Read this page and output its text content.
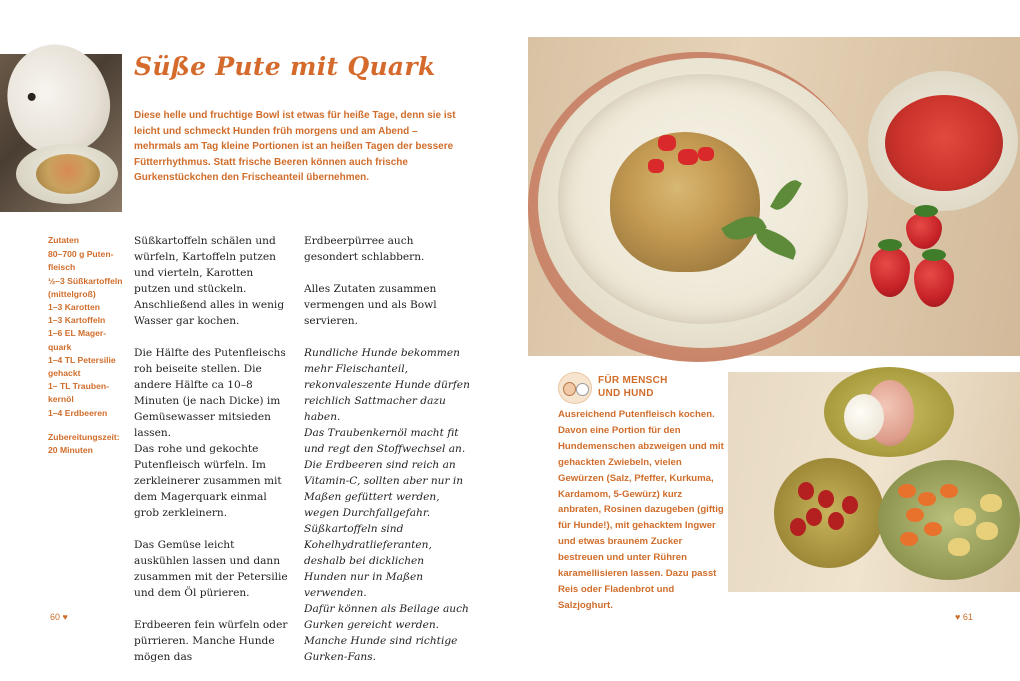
Süße Pute mit Quark

Diese helle und fruchtige Bowl ist etwas für heiße Tage, denn sie ist leicht und schmeckt Hunden früh morgens und am Abend – mehrmals am Tag kleine Portionen ist an heißen Tagen der bessere Fütterrhythmus. Statt frische Beeren können auch frische Gurkenstückchen den Frischeanteil übernehmen.

Zutaten
80–700 g Puten-fleisch
½–3 Süßkartoffeln (mittelgroß)
1–3 Karotten
1–3 Kartoffeln
1–6 EL Mager-quark
1–4 TL Petersilie gehackt
1– TL Trauben-kernöl
1–4 Erdbeeren
Zubereitungszeit:
20 Minuten

Süßkartoffeln schälen und würfeln, Kartoffeln putzen und vierteln, Karotten putzen und stückeln. Anschließend alles in wenig Wasser gar kochen.

Die Hälfte des Putenfleischs roh beiseite stellen. Die andere Hälfte ca 10–8 Minuten (je nach Dicke) im Gemüsewasser mitsieden lassen.

Das rohe und gekochte Putenfleisch würfeln. Im zerkleinerer zusammen mit dem Magerquark einmal grob zerkleinern.

Das Gemüse leicht auskühlen lassen und dann zusammen mit der Petersilie und dem Öl pürieren.

Erdbeeren fein würfeln oder pürrieren. Manche Hunde mögen das

Erdbeerpürree auch gesondert schlabbern.

Alles Zutaten zusammen vermengen und als Bowl servieren.

Rundliche Hunde bekommen mehr Fleischanteil, rekonvaleszente Hunde dürfen reichlich Sattmacher dazu haben.

Das Traubenkernöl macht fit und regt den Stoffwechsel an. Die Erdbeeren sind reich an Vitamin-C, sollten aber nur in Maßen gefüttert werden, wegen Durchfallgefahr.

Süßkartoffeln sind Kohelhydratlieferanten, deshalb bei dicklichen Hunden nur in Maßen verwenden.

Dafür können als Beilage auch Gurken gereicht werden. Manche Hunde sind richtige Gurken-Fans.

FÜR MENSCH
UND HUND

Ausreichend Putenfleisch kochen. Davon eine Portion für den Hundemenschen abzweigen und mit gehackten Zwiebeln, vielen Gewürzen (Salz, Pfeffer, Kurkuma, Kardamom, 5-Gewürz) kurz anbraten, Rosinen dazugeben (giftig für Hunde!), mit gehacktem Ingwer und etwas braunem Zucker bestreuen und unter Rühren karamellisieren lassen. Dazu passt Reis oder Fladenbrot und Salzjoghurt.

60 ♥	♥ 61
